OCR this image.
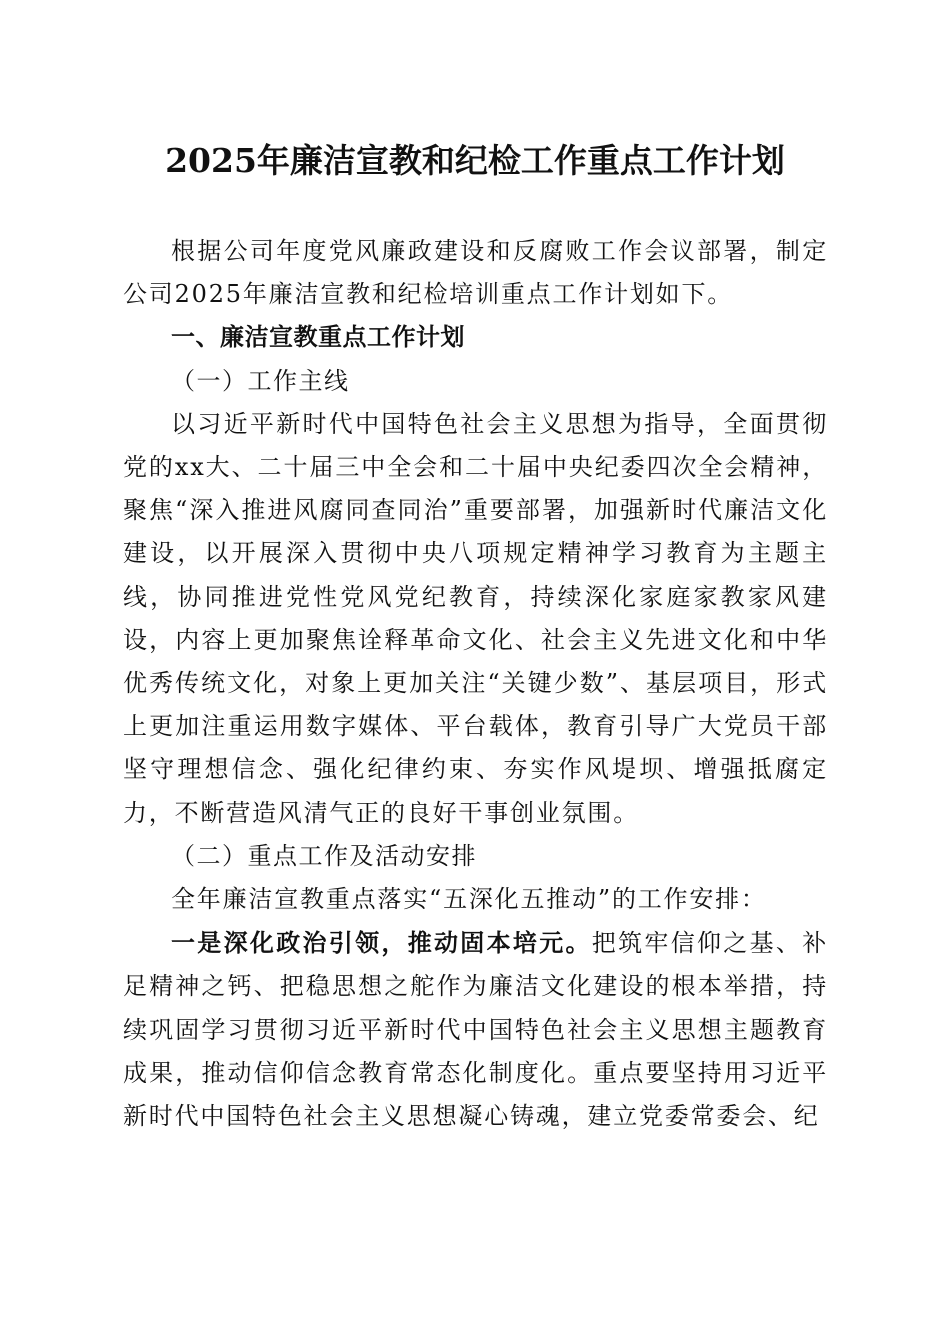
2025年廉洁宣教和纪检工作重点工作计划

根据公司年度党风廉政建设和反腐败工作会议部署，制定公司2025年廉洁宣教和纪检培训重点工作计划如下。

一、廉洁宣教重点工作计划

（一）工作主线

以习近平新时代中国特色社会主义思想为指导，全面贯彻党的xx大、二十届三中全会和二十届中央纪委四次全会精神，聚焦“深入推进风腐同查同治”重要部署，加强新时代廉洁文化建设，以开展深入贯彻中央八项规定精神学习教育为主题主线，协同推进党性党风党纪教育，持续深化家庭家教家风建设，内容上更加聚焦诠释革命文化、社会主义先进文化和中华优秀传统文化，对象上更加关注“关键少数”、基层项目，形式上更加注重运用数字媒体、平台载体，教育引导广大党员干部坚守理想信念、强化纪律约束、夯实作风堤坝、增强抵腐定力，不断营造风清气正的良好干事创业氛围。

（二）重点工作及活动安排

全年廉洁宣教重点落实“五深化五推动”的工作安排：

一是深化政治引领，推动固本培元。把筑牢信仰之基、补足精神之钙、把稳思想之舵作为廉洁文化建设的根本举措，持续巩固学习贯彻习近平新时代中国特色社会主义思想主题教育成果，推动信仰信念教育常态化制度化。重点要坚持用习近平新时代中国特色社会主义思想凝心铸魂，建立党委常委会、纪
